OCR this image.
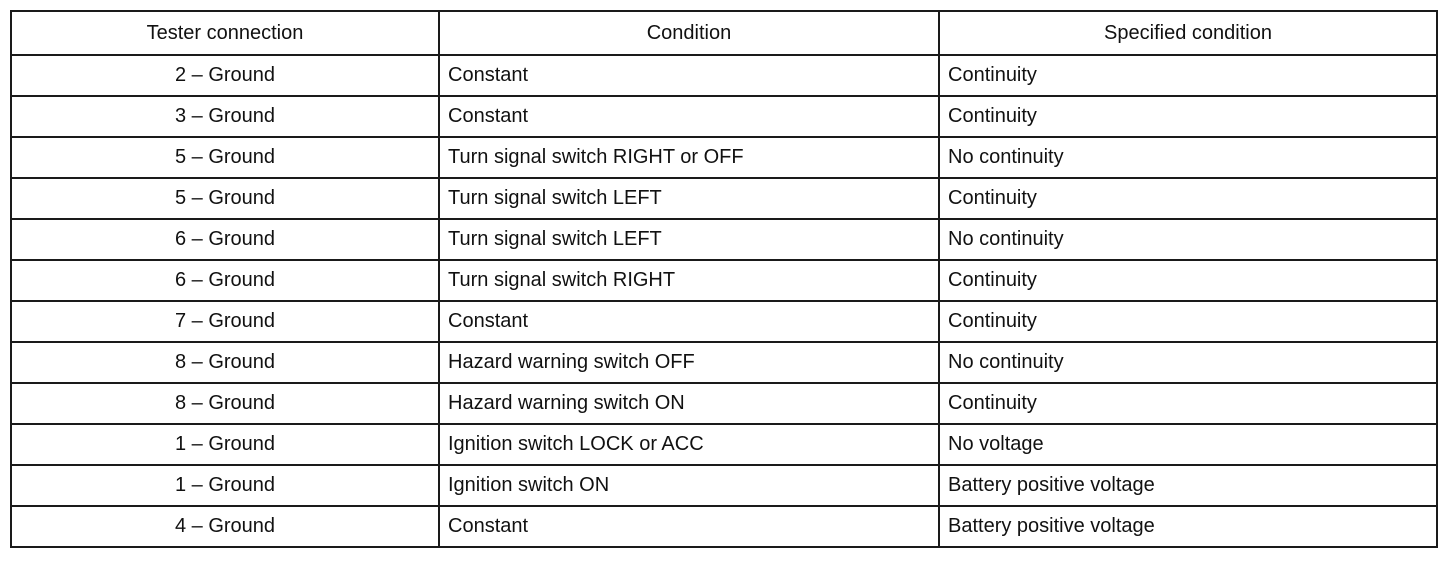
Tester connection	Condition	Specified condition
2 – Ground	Constant	Continuity
3 – Ground	Constant	Continuity
5 – Ground	Turn signal switch RIGHT or OFF	No continuity
5 – Ground	Turn signal switch LEFT	Continuity
6 – Ground	Turn signal switch LEFT	No continuity
6 – Ground	Turn signal switch RIGHT	Continuity
7 – Ground	Constant	Continuity
8 – Ground	Hazard warning switch OFF	No continuity
8 – Ground	Hazard warning switch ON	Continuity
1 – Ground	Ignition switch LOCK or ACC	No voltage
1 – Ground	Ignition switch ON	Battery positive voltage
4 – Ground	Constant	Battery positive voltage
